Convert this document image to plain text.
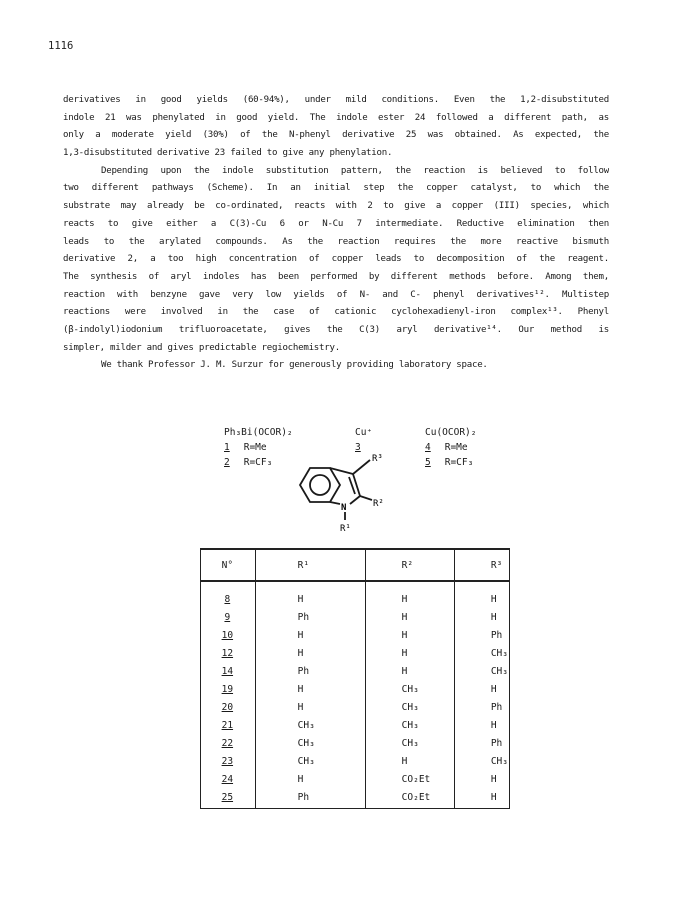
1116
derivatives in good yields (60-94%), under mild conditions. Even the 1,2-disubstituted
indole 21 was phenylated in good yield. The indole ester 24 followed a different path, as
only a moderate yield (30%) of the N-phenyl derivative 25 was obtained. As expected, the
1,3-disubstituted derivative 23 failed to give any phenylation.
Depending upon the indole substitution pattern, the reaction is believed to follow
two different pathways (Scheme). In an initial step the copper catalyst, to which the
substrate may already be co-ordinated, reacts with 2 to give a copper (III) species, which
reacts to give either a C(3)-Cu 6 or N-Cu 7 intermediate. Reductive elimination then
leads to the arylated compounds. As the reaction requires the more reactive bismuth
derivative 2, a too high concentration of copper leads to decomposition of the reagent.
The synthesis of aryl indoles has been performed by different methods before. Among them,
reaction with benzyne gave very low yields of N- and C- phenyl derivatives¹². Multistep
reactions were involved in the case of cationic cyclohexadienyl-iron complex¹³. Phenyl
(β-indolyl)iodonium trifluoroacetate, gives the C(3) aryl derivative¹⁴. Our method is
simpler, milder and gives predictable regiochemistry.
We thank Professor J. M. Surzur for generously providing laboratory space.
Ph₃Bi(OCOR)₂
1 R=Me
2 R=CF₃
Cu⁺
3
Cu(OCOR)₂
4 R=Me
5 R=CF₃
N
R³
R²
R¹
N°	R¹	R²	R³
8	H	H	H
9	Ph	H	H
10	H	H	Ph
12	H	H	CH₃
14	Ph	H	CH₃
19	H	CH₃	H
20	H	CH₃	Ph
21	CH₃	CH₃	H
22	CH₃	CH₃	Ph
23	CH₃	H	CH₃
24	H	CO₂Et	H
25	Ph	CO₂Et	H
